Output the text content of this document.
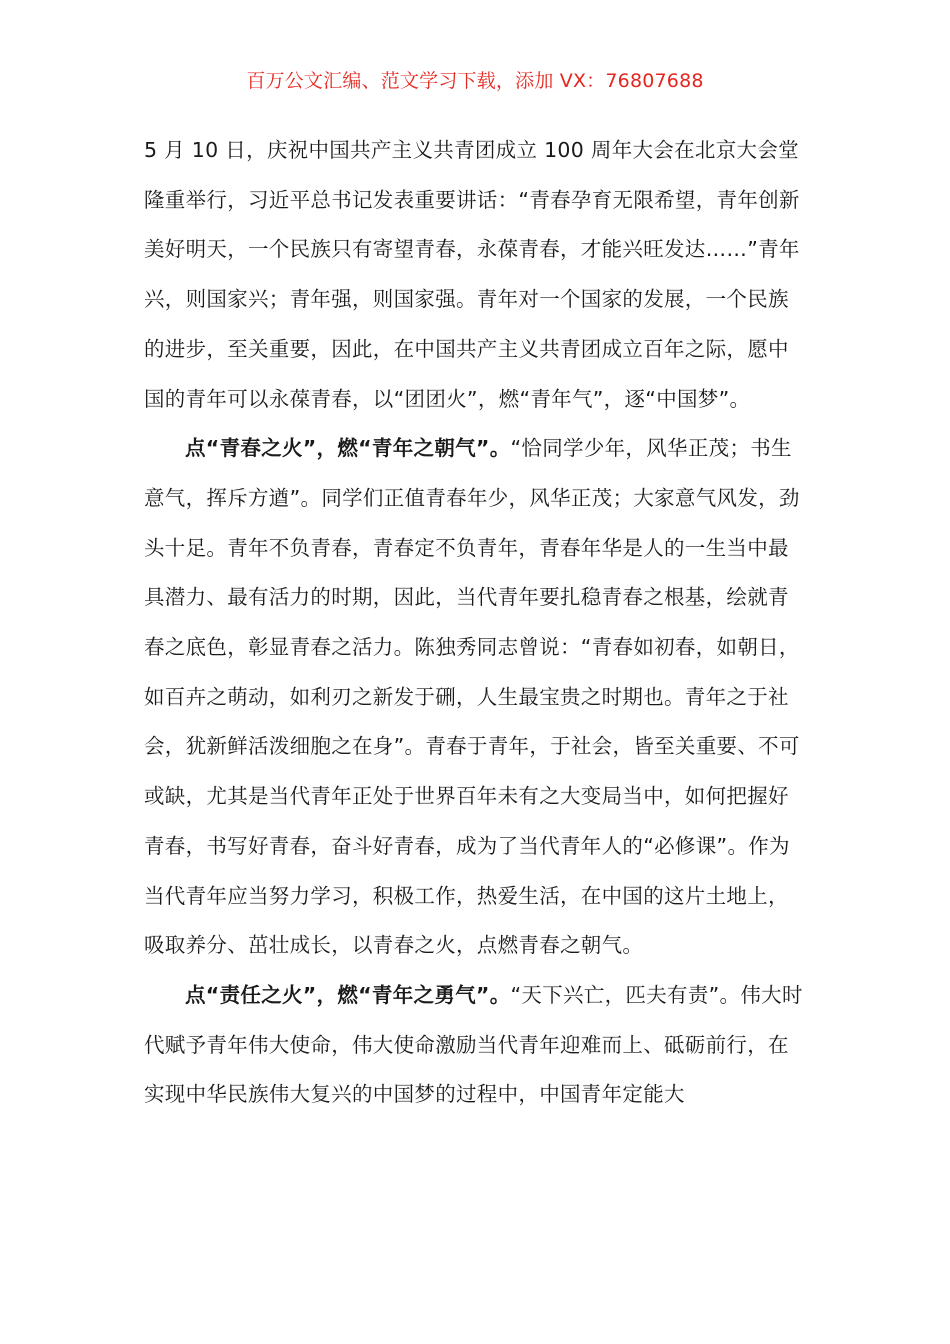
百万公文汇编、范文学习下载，添加 VX：76807688

5 月 10 日，庆祝中国共产主义共青团成立 100 周年大会在北京大会堂隆重举行，习近平总书记发表重要讲话：“青春孕育无限希望，青年创新美好明天，一个民族只有寄望青春，永葆青春，才能兴旺发达……”青年兴，则国家兴；青年强，则国家强。青年对一个国家的发展，一个民族的进步，至关重要，因此，在中国共产主义共青团成立百年之际，愿中国的青年可以永葆青春，以“团团火”，燃“青年气”，逐“中国梦”。

点“青春之火”，燃“青年之朝气”。“恰同学少年，风华正茂；书生意气，挥斥方遒”。同学们正值青春年少，风华正茂；大家意气风发，劲头十足。青年不负青春，青春定不负青年，青春年华是人的一生当中最具潜力、最有活力的时期，因此，当代青年要扎稳青春之根基，绘就青春之底色，彰显青春之活力。陈独秀同志曾说：“青春如初春，如朝日，如百卉之萌动，如利刃之新发于硎，人生最宝贵之时期也。青年之于社会，犹新鲜活泼细胞之在身”。青春于青年，于社会，皆至关重要、不可或缺，尤其是当代青年正处于世界百年未有之大变局当中，如何把握好青春，书写好青春，奋斗好青春，成为了当代青年人的“必修课”。作为当代青年应当努力学习，积极工作，热爱生活，在中国的这片土地上，吸取养分、茁壮成长，以青春之火，点燃青春之朝气。

点“责任之火”，燃“青年之勇气”。“天下兴亡，匹夫有责”。伟大时代赋予青年伟大使命，伟大使命激励当代青年迎难而上、砥砺前行，在实现中华民族伟大复兴的中国梦的过程中，中国青年定能大
